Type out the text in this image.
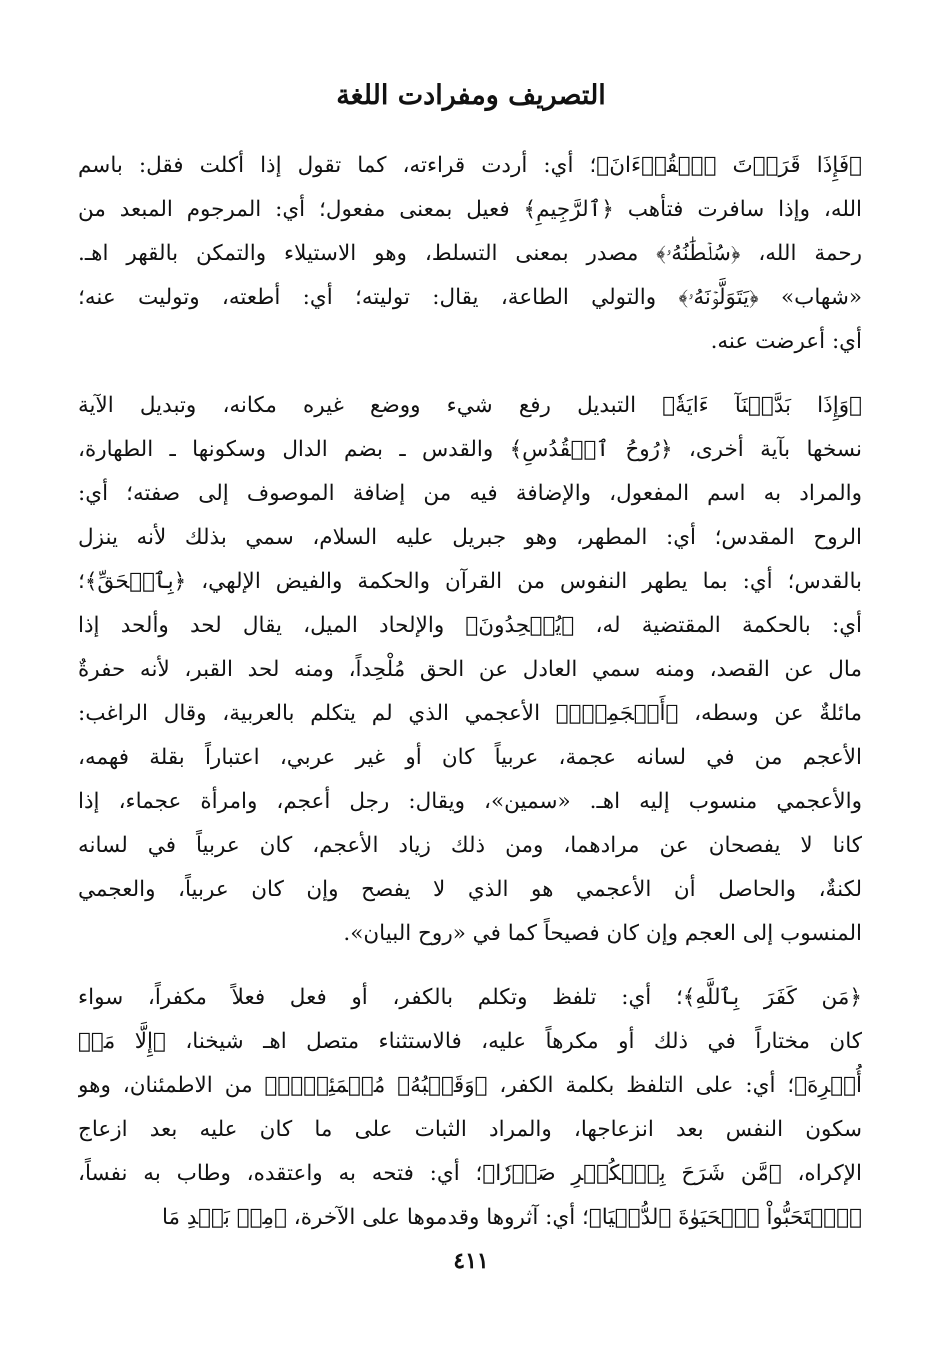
التصريف ومفرادت اللغة
﴿فَإِذَا قَرَأۡتَ ٱلۡقُرۡءَانَ﴾؛ أي: أردت قراءته، كما تقول إذا أكلت فقل: باسم
الله، وإذا سافرت فتأهب ﴿ٱلرَّجِيمِ﴾ فعيل بمعنى مفعول؛ أي: المرجوم المبعد من
رحمة الله، ﴿سُلۡطَٰنُهُۥ﴾ مصدر بمعنى التسلط، وهو الاستيلاء والتمكن بالقهر اهـ.
«شهاب» ﴿يَتَوَلَّوۡنَهُۥ﴾ والتولي الطاعة، يقال: توليته؛ أي: أطعته، وتوليت عنه؛
أي: أعرضت عنه.
﴿وَإِذَا بَدَّلۡنَآ ءَايَةٗ﴾ التبديل رفع شيء ووضع غيره مكانه، وتبديل الآية
نسخها بآية أخرى، ﴿رُوحُ ٱلۡقُدُسِ﴾ والقدس ـ بضم الدال وسكونها ـ الطهارة،
والمراد به اسم المفعول، والإضافة فيه من إضافة الموصوف إلى صفته؛ أي:
الروح المقدس؛ أي: المطهر، وهو جبريل عليه السلام، سمي بذلك لأنه ينزل
بالقدس؛ أي: بما يطهر النفوس من القرآن والحكمة والفيض الإلهي، ﴿بِٱلۡحَقِّ﴾؛
أي: بالحكمة المقتضية له، ﴿يُلۡحِدُونَ﴾ والإلحاد الميل، يقال لحد وألحد إذا
مال عن القصد، ومنه سمي العادل عن الحق مُلْحِداً، ومنه لحد القبر، لأنه حفرةٌ
مائلةٌ عن وسطه، ﴿أَعۡجَمِيّٞ﴾ الأعجمي الذي لم يتكلم بالعربية، وقال الراغب:
الأعجم من في لسانه عجمة، عربياً كان أو غير عربي، اعتباراً بقلة فهمه،
والأعجمي منسوب إليه اهـ. «سمين»، ويقال: رجل أعجم، وامرأة عجماء، إذا
كانا لا يفصحان عن مرادهما، ومن ذلك زياد الأعجم، كان عربياً في لسانه
لكنةٌ، والحاصل أن الأعجمي هو الذي لا يفصح وإن كان عربياً، والعجمي
المنسوب إلى العجم وإن كان فصيحاً كما في «روح البيان».
﴿مَن كَفَرَ بِٱللَّهِ﴾؛ أي: تلفظ وتكلم بالكفر، أو فعل فعلاً مكفراً، سواء
كان مختاراً في ذلك أو مكرهاً عليه، فالاستثناء متصل اهـ شيخنا، ﴿إِلَّا مَنۡ
أُكۡرِهَ﴾؛ أي: على التلفظ بكلمة الكفر، ﴿وَقَلۡبُهُۥ مُطۡمَئِنُّۢ﴾ من الاطمئنان، وهو
سكون النفس بعد انزعاجها، والمراد الثبات على ما كان عليه بعد ازعاج
الإكراه، ﴿مَّن شَرَحَ بِٱلۡكُفۡرِ صَدۡرٗا﴾؛ أي: فتحه به واعتقده، وطاب به نفساً،
﴿ٱسۡتَحَبُّواْ ٱلۡحَيَوٰةَ ٱلدُّنۡيَا﴾؛ أي: آثروها وقدموها على الآخرة، ﴿مِنۢ بَعۡدِ مَا
٤١١
